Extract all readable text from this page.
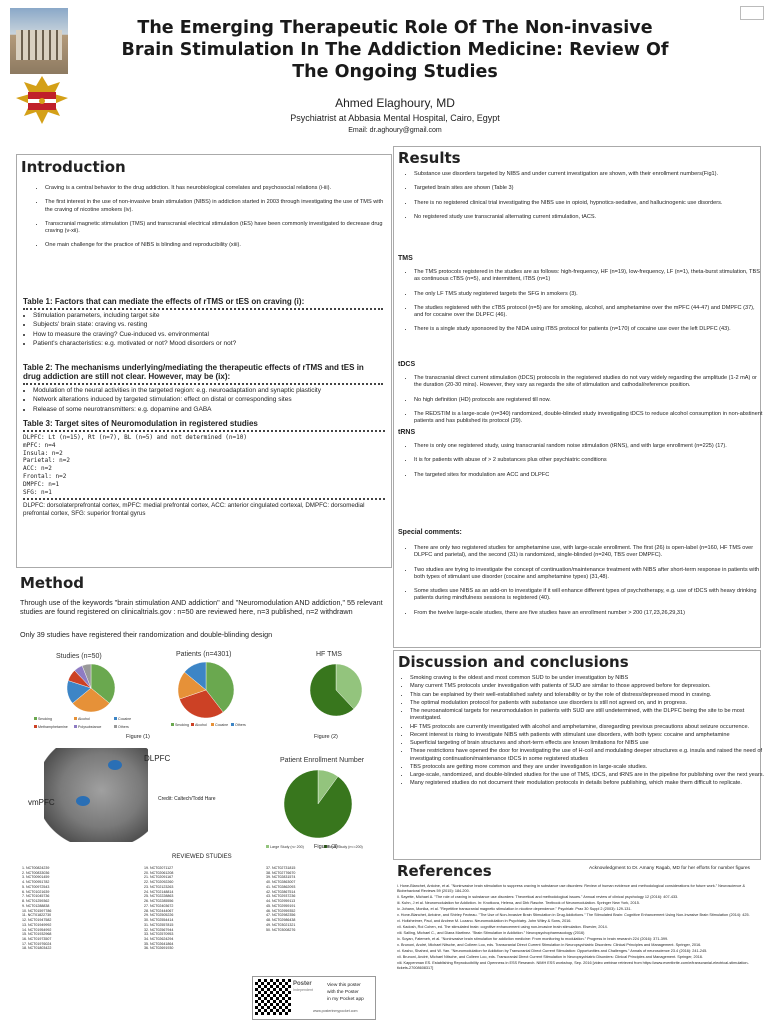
The Emerging Therapeutic Role Of The Non-invasive Brain Stimulation In The Addiction Medicine: Review Of The Ongoing Studies
Ahmed Elaghoury, MD
Psychiatrist at Abbasia Mental Hospital, Cairo, Egypt
Email: dr.aghoury@gmail.com
Introduction
• Craving is a central behavior to the drug addiction. It has neurobiological correlates and psychosocial relations (i-iii).
• The first interest in the use of non-invasive brain stimulation (NIBS) in addiction started in 2003 through investigating the use of TMS with the craving of nicotine smokers (iv).
• Transcranial magnetic stimulation (TMS) and transcranial electrical stimulation (tES) have been commonly investigated to decrease drug craving (v-xii).
• One main challenge for the practice of NIBS is blinding and reproducibility (xiii).
Table 1: Factors that can mediate the effects of rTMS or tES on craving (i):
• Stimulation parameters, including target site
• Subjects' brain state: craving vs. resting
• How to measure the craving? Cue-induced vs. environmental
• Patient's characteristics: e.g. motivated or not? Mood disorders or not?
Table 2: The mechanisms underlying/mediating the therapeutic effects of rTMS and tES in drug addiction are still not clear. However, may be (ix):
• Modulation of the neural activities in the targeted region: e.g. neuroadaptation and synaptic plasticity
• Network alterations induced by targeted stimulation: effect on distal or corresponding sites
• Release of some neurotransmitters: e.g. dopamine and GABA
Table 3: Target sites of Neuromodulation in registered studies
DLPFC: Lt (n=15), Rt (n=7), BL (n=5) and not determined (n=10)
mPFC: n=4
Insula: n=2
Parietal: n=2
ACC: n=2
Frontal: n=2
DMPFC: n=1
SFG: n=1
DLPFC: dorsolaterprefrontal cortex, mPFC: medial prefrontal cortex, ACC: anterior cingulated cortexal, DMPFC: dorsomedial prefrontal cortex, SFG: superior frontal gyrus
Method
Through use of the keywords "brain stimulation AND addiction" and "Neuromodulation AND addiction," 55 relevant studies are found registered on clinicaltrials.gov : n=50 are reviewed here, n=3 published, n=2 withdrawn
Only 39 studies have registered their randomization and double-blinding design
Studies (n=50)
Smoking	Alcohol	Cocaine
Methamphetamine	Polysubstance	Others
Patients (n=4301)
Smoking Alcohol Cocaine Others
HF TMS
Figure (1)	Figure (2)
vmPFC
DLPFC
Credit: Caltech/Todd Hare
Patient Enrollment Number
Large Study (n> 200)	Small Study (n<=200)
Figure (3)
REVIEWED STUDIES
1. NCT00824239
2. NCT00833036
3. NCT00901459
4. NCT00951782
5. NCT00972543
6. NCT01021639
7. NCT01045736
8. NCT01259362
9. NCT01288838
10. NCT01597786
11. NCT01822730
12. NCT01947582
13. NCT01949992
14. NCT01954992
15. NCT01932968
16. NCT01973507
17. NCT01976024
18. NCT01803422
19. NCT02071127
20. NCT02061208
21. NCT02091167
22. NCT02092260
23. NCT02123263
24. NCT02148814
25. NCT02228863
26. NCT02285556
27. NCT02403672
28. NCT02444067
29. NCT02505226
30. NCT02554414
31. NCT02557815
32. NCT02567944
33. NCT02570953
34. NCT02624294
35. NCT02641864
36. NCT02691930
37. NCT02731815
38. NCT02776670
39. NCT02831574
40. NCT02863007
41. NCT02862093
42. NCT02867514
43. NCT02937236
44. NCT02959113
45. NCT02959191
46. NCT02959352
47. NCT02982356
48. NCT02986438
49. NCT03021321
50. NCT03008276
Results
• Substance use disorders targeted by NIBS and under current investigation are shown, with their enrollment numbers(Fig1).
• Targeted brain sites are shown (Table 3)
• There is no registered clinical trial investigating the NIBS use in opioid, hypnotics-sedative, and hallucinogenic use disorders.
• No registered study use transcranial alternating current stimulation, tACS.
TMS
• The TMS protocols registered in the studies are as follows: high-frequency, HF (n=19), low-frequency, LF (n=1), theta-burst stimulation, TBS as continuous cTBS (n=5), and intermittent, iTBS (n=1)
• The only LF TMS study registered targets the SFG in smokers (3).
• The studies registered with the cTBS protocol (n=5) are for smoking, alcohol, and amphetamine over the mPFC (44-47) and DMPFC (37), and for cocaine over the DLPFC (46).
• There is a single study sponsored by the NIDA using iTBS protocol for patients (n=170) of cocaine use over the left DLPFC (43).
tDCS
• The transcranial direct current stimulation (tDCS) protocols in the registered studies do not vary widely regarding the amplitude (1-2 mA) or the duration (20-30 mins). However, they vary as regards the site of stimulation and cathodal/reference position.
• No high definition (HD) protocols are registered till now.
• The REDSTIM is a large-scale (n=340) randomized, double-blinded study investigating tDCS to reduce alcohol consumption in non-abstinent patients and has published its protocol (29).
tRNS
• There is only one registered study, using transcranial random noise stimulation (tRNS), and with large enrollment (n=225) (17).
• It is for patients with abuse of > 2 substances plus other psychiatric conditions
• The targeted sites for modulation are ACC and DLPFC
Special comments:
• There are only two registered studies for amphetamine use, with large-scale enrollment. The first (26) is open-label (n=160, HF TMS over DLPFC and parietal), and the second (31) is randomized, single-blinded (n=240, TBS over DMPFC).
• Two studies are trying to investigate the concept of continuation/maintenance treatment with NIBS after short-term response in patients with both types of stimulant use disorder (cocaine and amphetamine types) (31,48).
• Some studies use NIBS as an add-on to investigate if it will enhance different types of psychotherapy, e.g. use of tDCS with heavy drinking patients during mindfulness sessions is registered (40).
• From the twelve large-scale studies, there are five studies have an enrollment number > 200 (17,23,26,29,31)
Discussion and conclusions
• Smoking craving is the oldest and most common SUD to be under investigation by NIBS
• Many current TMS protocols under investigation with patients of SUD are similar to those approved before for depression.
• This can be explained by their well-established safety and tolerability or by the role of distress/depressed mood in craving.
• The optimal modulation protocol for patients with substance use disorders is still not agreed on, and in progress.
• The neuroanatomical targets for neuromodulation in patients with SUD are still undetermined, with the DLPFC being the site to be most investigated.
• HF TMS protocols are currently investigated with alcohol and amphetamine, disregarding previous precautions about seizure occurrence.
• Recent interest is rising to investigate NIBS with patients with stimulant use disorders, with both types: cocaine and amphetamine
• Superficial targeting of brain structures and short-term effects are known limitations for NIBS use
• These restrictions have opened the door for investigating the use of H-coil and modulating deeper structures e.g. insula and raised the need of investigating continuation/maintenance tDCS in some registered studies
• TBS protocols are getting more common and they are under investigation in large-scale studies.
• Large-scale, randomized, and double-blinded studies for the use of TMS, tDCS, and tRNS are in the pipeline for publishing over the next years.
• Many registered studies do not document their modulation protocols in details before publishing, which make them difficult to replicate.
References	Acknowledgment to Dr. Amany Ragab, MD for her efforts for number figures
i. Hone-Blanchet, Antoine, et al. "Noninvasive brain stimulation to suppress craving in substance use disorders: Review of human evidence and methodological considerations for future work." Neuroscience & Biobehavioral Reviews 59 (2015): 184-200.
ii. Sayette, Michael A. "The role of craving in substance use disorders: Theoretical and methodological issues." Annual review of clinical psychology 12 (2016): 407-433.
iii. Kuhn, J et al. Neuromodulation for Addiction. In: Knotkova, Helena, and Dirk Rasche. Textbook of Neuromodulation. Springer New York, 2015.
iv. Johann, Monika, et al. "Repetitive transcranial magnetic stimulation in nicotine dependence." Psychiatr. Prax 30 Suppl 2 (2003): 129-131.
v. Hone-Blanchet, Antoine, and Shirley Fecteau. "The Use of Non-Invasive Brain Stimulation in Drug Addictions." The Stimulated Brain: Cognitive Enhancement Using Non-Invasive Brain Stimulation (2014): 425.
vi. Holtzheimer, Paul, and Andrew M. Lozano. Neuromodulation in Psychiatry. John Wiley & Sons, 2016.
vii. Kadosh, Roi Cohen, ed. The stimulated brain: cognitive enhancement using non-invasive brain stimulation. Elsevier, 2014.
viii. Salling, Michael C., and Diana Martinez. "Brain Stimulation in Addiction." Neuropsychopharmacology (2016)
ix. Soyarı, Fatemeh, et al. "Noninvasive brain stimulation for addiction medicine: From monitoring to modulation." Progress in brain research 224 (2016): 371-399.
x. Brunoni, André, Michael Nitsche, and Colleen Loo, eds. Transcranial Direct Current Stimulation in Neuropsychiatric Disorders: Clinical Principles and Management. Springer, 2016.
xi. Kasho, Shahed, and W. Yan. "Neuromodulation for Addiction by Transcranial Direct Current Stimulation: Opportunities and Challenges." Annals of neuroscience 23.4 (2016): 241-245.
xii. Brunoni, André, Michael Nitsche, and Colleen Loo, eds. Transcranial Direct Current Stimulation in Neuropsychiatric Disorders: Clinical Principles and Management. Springer, 2016.
xiii. Kappenman ES. Establishing Reproducibility and Openness in ESS Research. NIMH ESS workshop, Sep. 2016 [video webinar retrieved from https://www.eventbrite.com/e/transcranial-electrical-stimulation-tickets-27008608317]
Poster
Independent
View this poster
with the Poster
in my Pocket app
www.posterinmypocket.com
